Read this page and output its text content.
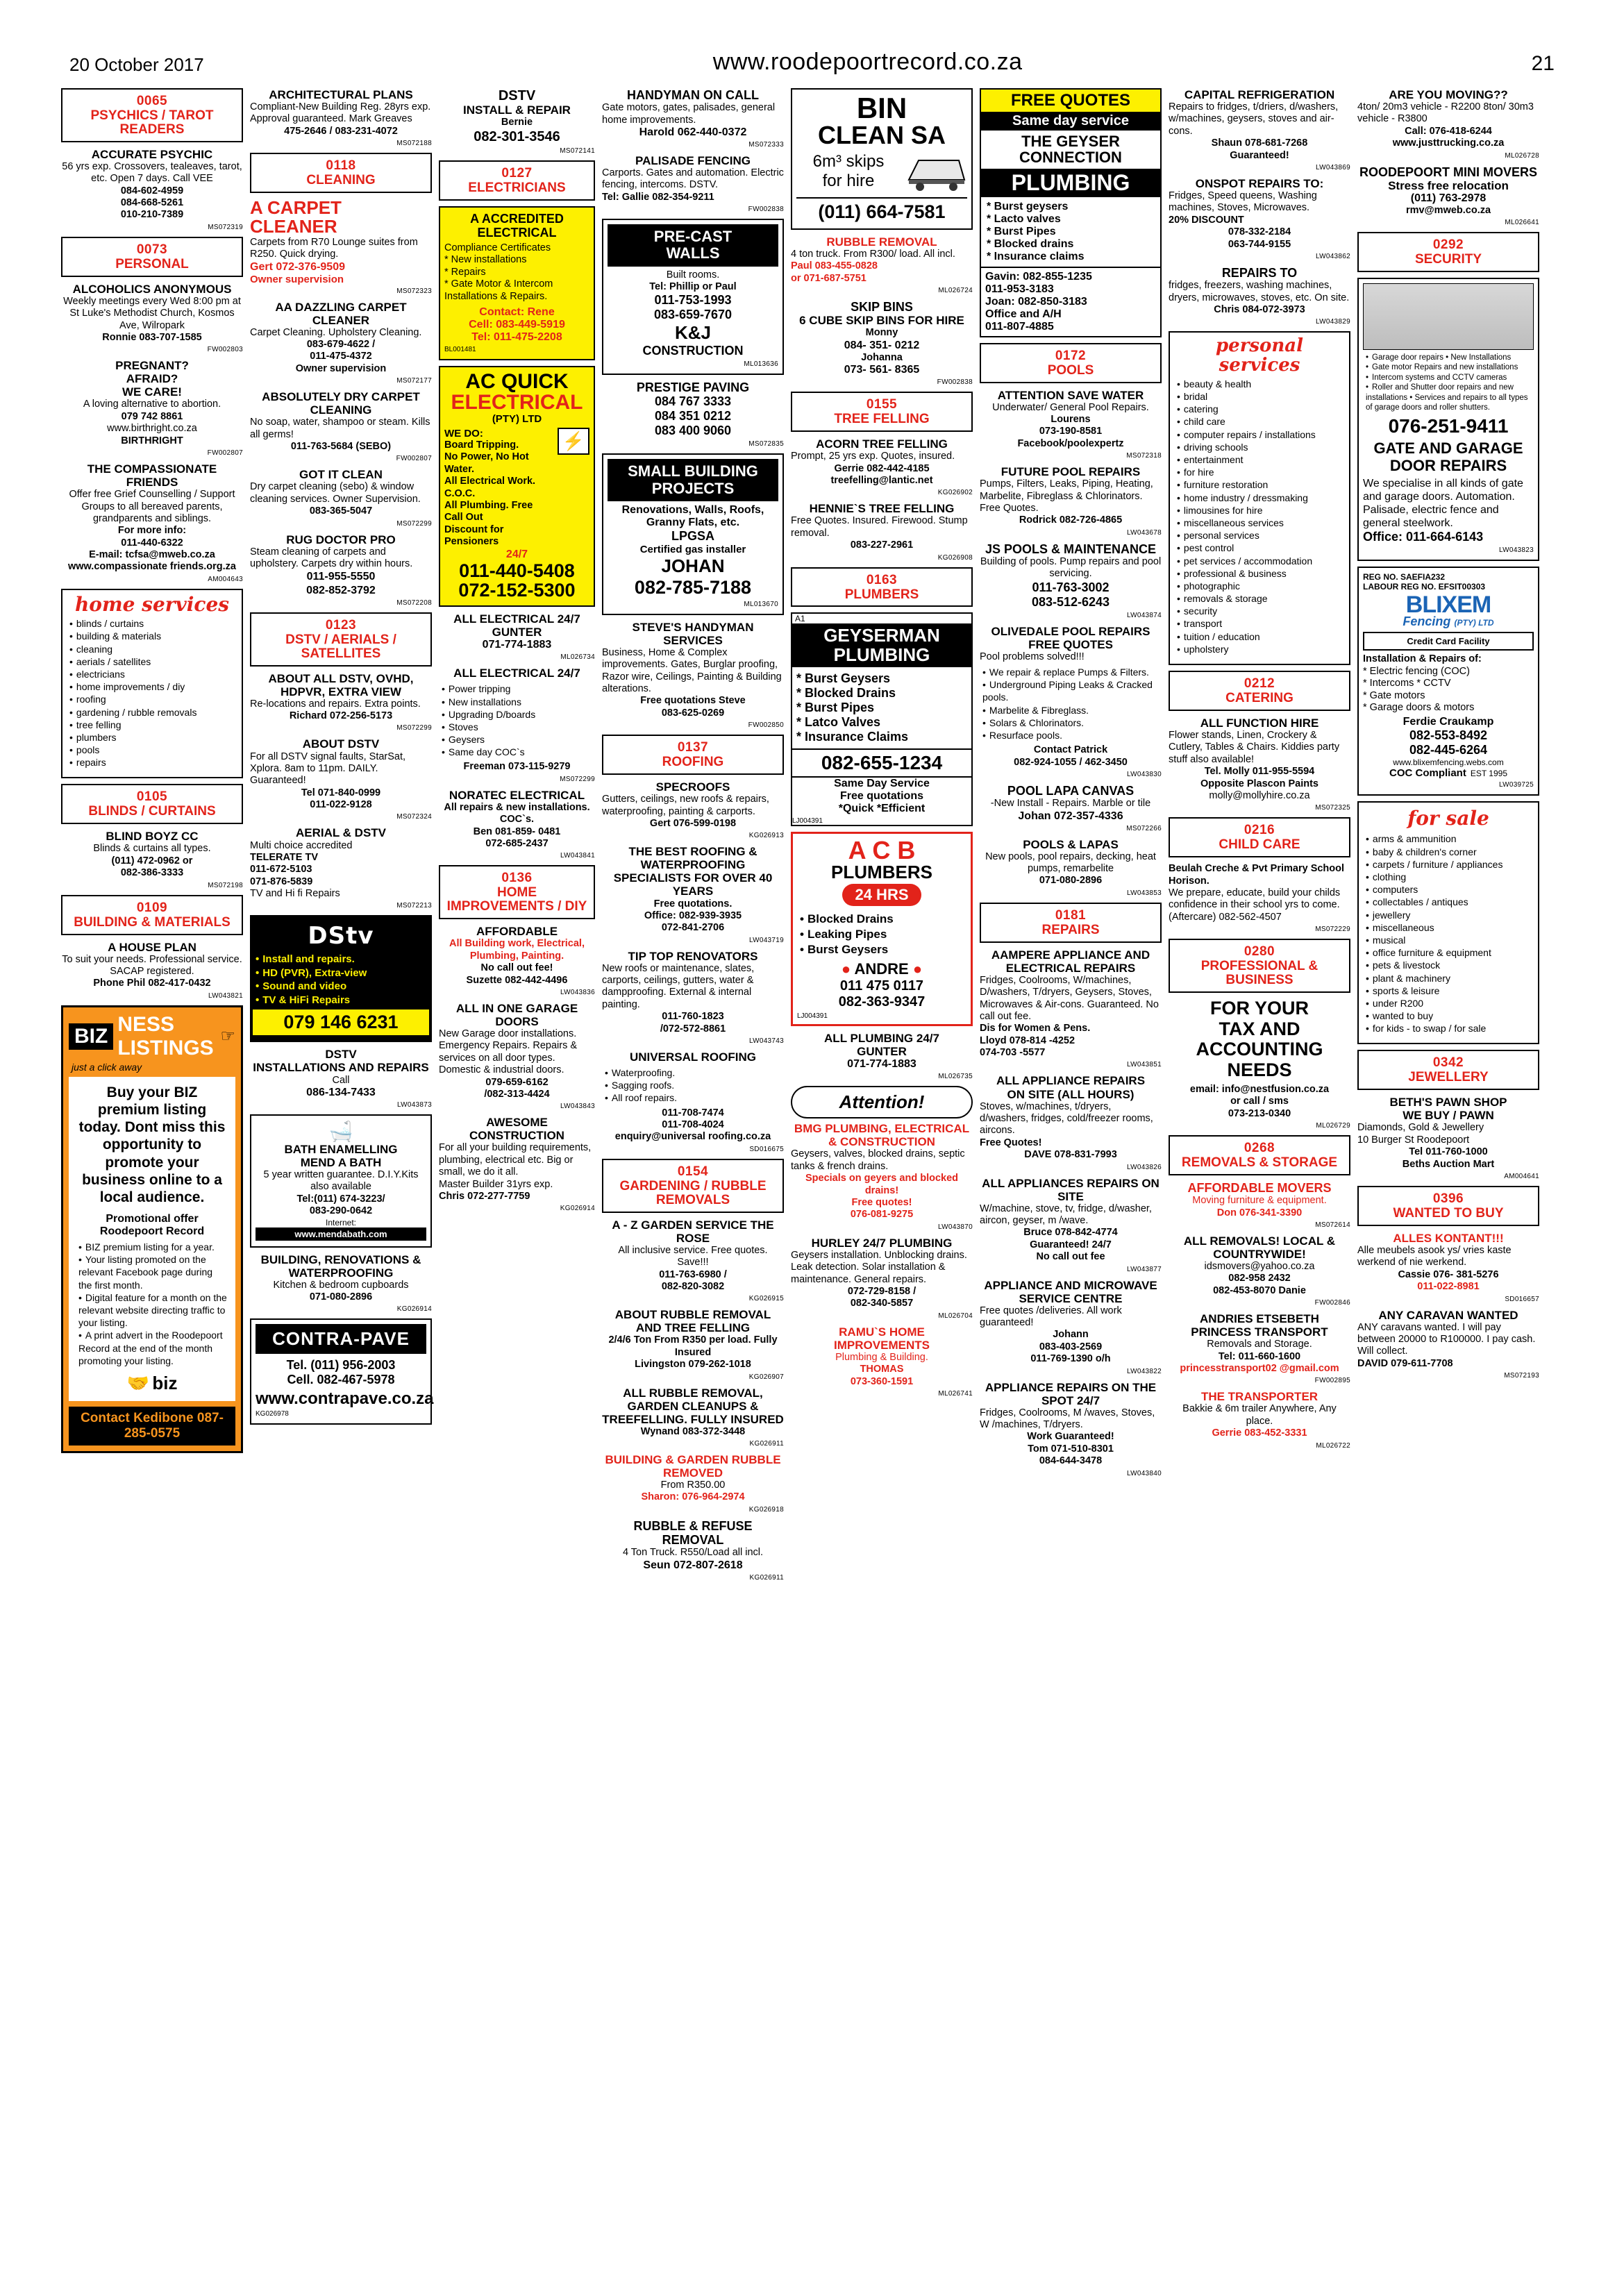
20 October 2017	www.roodepoortrecord.co.za	21
0065
PSYCHICS / TAROT READERS
ACCURATE PSYCHIC
56 yrs exp. Crossovers, tealeaves, tarot, etc. Open 7 days. Call VEE
084-602-4959
084-668-5261
010-210-7389
MS072319
0073
PERSONAL
ALCOHOLICS ANONYMOUS
Weekly meetings every Wed 8:00 pm at St Luke's Methodist Church, Kosmos Ave, Wilropark
Ronnie 083-707-1585
FW002803
PREGNANT?
AFRAID?
WE CARE!
A loving alternative to abortion.
079 742 8861
www.birthright.co.za
BIRTHRIGHT
FW002807
THE COMPASSIONATE FRIENDS
Offer free Grief Counselling / Support Groups to all bereaved parents, grandparents and siblings.
For more info:
011-440-6322
E-mail: tcfsa@mweb.co.za
www.compassionate friends.org.za
AM004643
home services
• blinds / curtains
• building & materials
• cleaning
• aerials / satellites
• electricians
• home improvements / diy
• roofing
• gardening / rubble removals
• tree felling
• plumbers
• pools
• repairs
0105
BLINDS / CURTAINS
BLIND BOYZ CC
Blinds & curtains all types.
(011) 472-0962 or
082-386-3333
MS072198
0109
BUILDING & MATERIALS
A HOUSE PLAN
To suit your needs. Professional service. SACAP registered.
Phone Phil 082-417-0432
LW043821
BIZ
NESS LISTINGS ☞
just a click away
Buy your BIZ premium listing today. Dont miss this opportunity to promote your business online to a local audience.
Promotional offer
Roodepoort Record
• BIZ premium listing for a year.
• Your listing promoted on the relevant Facebook page during the first month.
• Digital feature for a month on the relevant website directing traffic to your listing.
• A print advert in the Roodepoort Record at the end of the month promoting your listing.
🤝 biz
Contact Kedibone 087-285-0575
ARCHITECTURAL PLANS
Compliant-New Building Reg. 28yrs exp. Approval guaranteed. Mark Greaves
475-2646 / 083-231-4072
MS072188
0118
CLEANING
A CARPET CLEANER
Carpets from R70 Lounge suites from R250. Quick drying.
Gert 072-376-9509
Owner supervision
MS072323
AA DAZZLING CARPET CLEANER
Carpet Cleaning. Upholstery Cleaning.
083-679-4622 /
011-475-4372
Owner supervision
MS072177
ABSOLUTELY DRY CARPET CLEANING
No soap, water, shampoo or steam. Kills all germs!
011-763-5684 (SEBO)
FW002807
GOT IT CLEAN
Dry carpet cleaning (sebo) & window cleaning services. Owner Supervision.
083-365-5047
MS072299
RUG DOCTOR PRO
Steam cleaning of carpets and upholstery. Carpets dry within hours.
011-955-5550
082-852-3792
MS072208
0123
DSTV / AERIALS / SATELLITES
ABOUT ALL DSTV, OVHD, HDPVR, EXTRA VIEW
Re-locations and repairs. Extra points.
Richard 072-256-5173
MS072299
ABOUT DSTV
For all DSTV signal faults, StarSat, Xplora. 8am to 11pm. DAILY. Guaranteed!
Tel 071-840-0999
011-022-9128
MS072324
AERIAL & DSTV
Multi choice accredited
TELERATE TV
011-672-5103
071-876-5839
TV and Hi fi Repairs
MS072213
DStv
• Install and repairs.
• HD (PVR), Extra-view
• Sound and video
• TV & HiFi Repairs
079 146 6231
DSTV
INSTALLATIONS AND REPAIRS
Call
086-134-7433
LW043873
🛁
BATH ENAMELLING
MEND A BATH
5 year written guarantee. D.I.Y.Kits also available
Tel:(011) 674-3223/
083-290-0642
Internet:
www.mendabath.com
BUILDING, RENOVATIONS & WATERPROOFING
Kitchen & bedroom cupboards
071-080-2896
KG026914
CONTRA-PAVE
Tel. (011) 956-2003
Cell. 082-467-5978
www.contrapave.co.za
KG026978
DSTV
INSTALL & REPAIR
Bernie
082-301-3546
MS072141
0127
ELECTRICIANS
A ACCREDITED ELECTRICAL
Compliance Certificates
* New installations
* Repairs
* Gate Motor & Intercom Installations & Repairs.
Contact: Rene
Cell: 083-449-5919
Tel: 011-475-2208
BL001481
AC QUICK
ELECTRICAL
(PTY) LTD
WE DO:
Board Tripping.
No Power, No Hot Water.
All Electrical Work. C.O.C.
All Plumbing. Free Call Out
Discount for Pensioners
⚡
24/7
011-440-5408
072-152-5300
ALL ELECTRICAL 24/7
GUNTER
071-774-1883
ML026734
ALL ELECTRICAL 24/7
• Power tripping
• New installations
• Upgrading D/boards
• Stoves
• Geysers
• Same day COC`s
Freeman 073-115-9279
MS072299
NORATEC ELECTRICAL
All repairs & new installations. COC`s.
Ben 081-859- 0481
072-685-2437
LW043841
0136
HOME IMPROVEMENTS / DIY
AFFORDABLE
All Building work, Electrical, Plumbing, Painting.
No call out fee!
Suzette 082-442-4496
LW043836
ALL IN ONE GARAGE DOORS
New Garage door installations. Emergency Repairs. Repairs & services on all door types. Domestic & industrial doors.
079-659-6162
/082-313-4424
LW043843
AWESOME CONSTRUCTION
For all your building requirements, plumbing, electrical etc. Big or small, we do it all.
Master Builder 31yrs exp.
Chris 072-277-7759
KG026914
HANDYMAN ON CALL
Gate motors, gates, palisades, general home improvements.
Harold 062-440-0372
MS072333
PALISADE FENCING
Carports. Gates and automation. Electric fencing, intercoms. DSTV.
Tel: Gallie 082-354-9211
FW002838
PRE-CAST
WALLS
Built rooms.
Tel: Phillip or Paul
011-753-1993
083-659-7670
K&J
CONSTRUCTION
ML013636
PRESTIGE PAVING
084 767 3333
084 351 0212
083 400 9060
MS072835
SMALL BUILDING PROJECTS
Renovations, Walls, Roofs, Granny Flats, etc.
LPGSA
Certified gas installer
JOHAN
082-785-7188
ML013670
STEVE'S HANDYMAN SERVICES
Business, Home & Complex improvements. Gates, Burglar proofing, Razor wire, Ceilings, Painting & Building alterations.
Free quotations Steve
083-625-0269
FW002850
0137
ROOFING
SPECROOFS
Gutters, ceilings, new roofs & repairs, waterproofing, painting & carports.
Gert 076-599-0198
KG026913
THE BEST ROOFING & WATERPROOFING SPECIALISTS FOR OVER 40 YEARS
Free quotations.
Office: 082-939-3935
072-841-2706
LW043719
TIP TOP RENOVATORS
New roofs or maintenance, slates, carports, ceilings, gutters, water & dampproofing. External & internal painting.
011-760-1823
/072-572-8861
LW043743
UNIVERSAL ROOFING
• Waterproofing.
• Sagging roofs.
• All roof repairs.
011-708-7474
011-708-4024
enquiry@universal roofing.co.za
SD016675
0154
GARDENING / RUBBLE REMOVALS
A - Z GARDEN SERVICE THE ROSE
All inclusive service. Free quotes. Save!!!
011-763-6980 /
082-820-3082
KG026915
ABOUT RUBBLE REMOVAL AND TREE FELLING
2/4/6 Ton From R350 per load. Fully Insured
Livingston 079-262-1018
KG026907
ALL RUBBLE REMOVAL, GARDEN CLEANUPS & TREEFELLING. FULLY INSURED
Wynand 083-372-3448
KG026911
BUILDING & GARDEN RUBBLE REMOVED
From R350.00
Sharon: 076-964-2974
KG026918
RUBBLE & REFUSE REMOVAL
4 Ton Truck. R550/Load all incl.
Seun 072-807-2618
KG026911
BIN
CLEAN SA
6m³ skips
for hire
(011) 664-7581
RUBBLE REMOVAL
4 ton truck. From R300/ load. All incl.
Paul 083-455-0828
or 071-687-5751
ML026724
SKIP BINS
6 CUBE SKIP BINS FOR HIRE
Monny
084- 351- 0212
Johanna
073- 561- 8365
FW002838
0155
TREE FELLING
ACORN TREE FELLING
Prompt, 25 yrs exp. Quotes, insured.
Gerrie 082-442-4185
treefelling@lantic.net
KG026902
HENNIE`S TREE FELLING
Free Quotes. Insured. Firewood. Stump removal.
083-227-2961
KG026908
0163
PLUMBERS
A1
GEYSERMAN
PLUMBING
* Burst Geysers
* Blocked Drains
* Burst Pipes
* Latco Valves
* Insurance Claims
082-655-1234
Same Day Service
Free quotations
*Quick *Efficient
LJ004391
A C B
PLUMBERS
24 HRS
• Blocked Drains
• Leaking Pipes
• Burst Geysers
● ANDRE ●
011 475 0117
082-363-9347
LJ004391
ALL PLUMBING 24/7
GUNTER
071-774-1883
ML026735
Attention!
BMG PLUMBING, ELECTRICAL & CONSTRUCTION
Geysers, valves, blocked drains, septic tanks & french drains.
Specials on geyers and blocked drains!
Free quotes!
076-081-9275
LW043870
HURLEY 24/7 PLUMBING
Geysers installation. Unblocking drains. Leak detection. Solar installation & maintenance. General repairs.
072-729-8158 /
082-340-5857
ML026704
RAMU`S HOME IMPROVEMENTS
Plumbing & Building.
THOMAS
073-360-1591
ML026741
FREE QUOTES
Same day service
THE GEYSER CONNECTION
PLUMBING
* Burst geysers
* Lacto valves
* Burst Pipes
* Blocked drains
* Insurance claims
Gavin: 082-855-1235
011-953-3183
Joan: 082-850-3183
Office and A/H
011-807-4885
0172
POOLS
ATTENTION SAVE WATER
Underwater/ General Pool Repairs.
Lourens
073-190-8581
Facebook/poolexpertz
MS072318
FUTURE POOL REPAIRS
Pumps, Filters, Leaks, Piping, Heating, Marbelite, Fibreglass & Chlorinators. Free Quotes.
Rodrick 082-726-4865
LW043678
JS POOLS & MAINTENANCE
Building of pools. Pump repairs and pool servicing.
011-763-3002
083-512-6243
LW043874
OLIVEDALE POOL REPAIRS
FREE QUOTES
Pool problems solved!!!
• We repair & replace Pumps & Filters.
• Underground Piping Leaks & Cracked pools.
• Marbelite & Fibreglass.
• Solars & Chlorinators.
• Resurface pools.
Contact Patrick
082-924-1055 / 462-3450
LW043830
POOL LAPA CANVAS
-New Install - Repairs. Marble or tile
Johan 072-357-4336
MS072266
POOLS & LAPAS
New pools, pool repairs, decking, heat pumps, remarbelite
071-080-2896
LW043853
0181
REPAIRS
AAMPERE APPLIANCE AND ELECTRICAL REPAIRS
Fridges, Coolrooms, W/machines, D/washers, T/dryers, Geysers, Stoves, Microwaves & Air-cons. Guaranteed. No call out fee.
Dis for Women & Pens.
Lloyd 078-814 -4252
074-703 -5577
LW043851
ALL APPLIANCE REPAIRS
ON SITE (ALL HOURS)
Stoves, w/machines, t/dryers, d/washers, fridges, cold/freezer rooms, aircons.
Free Quotes!
DAVE 078-831-7993
LW043826
ALL APPLIANCES REPAIRS ON SITE
W/machine, stove, tv, fridge, d/washer, aircon, geyser, m /wave.
Bruce 078-842-4774
Guaranteed! 24/7
No call out fee
LW043877
APPLIANCE AND MICROWAVE SERVICE CENTRE
Free quotes /deliveries. All work guaranteed!
Johann
083-403-2569
011-769-1390 o/h
LW043822
APPLIANCE REPAIRS ON THE SPOT 24/7
Fridges, Coolrooms, M /waves, Stoves, W /machines, T/dryers.
Work Guaranteed!
Tom 071-510-8301
084-644-3478
LW043840
CAPITAL REFRIGERATION
Repairs to fridges, t/driers, d/washers, w/machines, geysers, stoves and air-cons.
Shaun 078-681-7268
Guaranteed!
LW043869
ONSPOT REPAIRS TO:
Fridges, Speed queens, Washing machines, Stoves, Microwaves.
20% DISCOUNT
078-332-2184
063-744-9155
LW043862
REPAIRS TO
fridges, freezers, washing machines, dryers, microwaves, stoves, etc. On site.
Chris 084-072-3973
LW043829
personal services
• beauty & health
• bridal
• catering
• child care
• computer repairs / installations
• driving schools
• entertainment
• for hire
• furniture restoration
• home industry / dressmaking
• limousines for hire
• miscellaneous services
• personal services
• pest control
• pet services / accommodation
• professional & business
• photographic
• removals & storage
• security
• transport
• tuition / education
• upholstery
0212
CATERING
ALL FUNCTION HIRE
Flower stands, Linen, Crockery & Cutlery, Tables & Chairs. Kiddies party stuff also available!
Tel. Molly 011-955-5594
Opposite Plascon Paints
molly@mollyhire.co.za
MS072325
0216
CHILD CARE
Beulah Creche & Pvt Primary School Horison.
We prepare, educate, build your childs confidence in their school yrs to come. (Aftercare) 082-562-4507
MS072229
0280
PROFESSIONAL & BUSINESS
FOR YOUR
TAX AND
ACCOUNTING
NEEDS
email: info@nestfusion.co.za
or call / sms
073-213-0340
ML026729
0268
REMOVALS & STORAGE
AFFORDABLE MOVERS
Moving furniture & equipment.
Don 076-341-3390
MS072614
ALL REMOVALS! LOCAL & COUNTRYWIDE!
idsmovers@yahoo.co.za
082-958 2432
082-453-8070 Danie
FW002846
ANDRIES ETSEBETH PRINCESS TRANSPORT
Removals and Storage.
Tel: 011-660-1600
princesstransport02 @gmail.com
FW002895
THE TRANSPORTER
Bakkie & 6m trailer Anywhere, Any place.
Gerrie 083-452-3331
ML026722
ARE YOU MOVING??
4ton/ 20m3 vehicle - R2200 8ton/ 30m3 vehicle - R3800
Call: 076-418-6244
www.justtrucking.co.za
ML026728
ROODEPOORT MINI MOVERS
Stress free relocation
(011) 763-2978
rmv@mweb.co.za
ML026641
0292
SECURITY
• Garage door repairs • New Installations
• Gate motor Repairs and new installations
• Intercom systems and CCTV cameras
• Roller and Shutter door repairs and new installations • Services and repairs to all types of garage doors and roller shutters.
076-251-9411
GATE AND GARAGE DOOR REPAIRS
We specialise in all kinds of gate and garage doors. Automation. Palisade, electric fence and general steelwork.
Office: 011-664-6143
LW043823
REG NO. SAEFIA232
LABOUR REG NO. EFSIT00303
BLIXEM
Fencing (PTY) LTD
Credit Card Facility
Installation & Repairs of:
* Electric fencing (COC)
* Intercoms * CCTV
* Gate motors
* Garage doors & motors
Ferdie Craukamp
082-553-8492
082-445-6264
www.blixemfencing.webs.com
COC Compliant EST 1995
LW039725
for sale
• arms & ammunition
• baby & children's corner
• carpets / furniture / appliances
• clothing
• computers
• collectables / antiques
• jewellery
• miscellaneous
• musical
• office furniture & equipment
• pets & livestock
• plant & machinery
• sports & leisure
• under R200
• wanted to buy
• for kids - to swap / for sale
0342
JEWELLERY
BETH'S PAWN SHOP
WE BUY / PAWN
Diamonds, Gold & Jewellery
10 Burger St Roodepoort
Tel 011-760-1000
Beths Auction Mart
AM004641
0396
WANTED TO BUY
ALLES KONTANT!!!
Alle meubels asook ys/ vries kaste werkend of nie werkend.
Cassie 076- 381-5276
011-022-8981
SD016657
ANY CARAVAN WANTED
ANY caravans wanted. I will pay between 20000 to R100000. I pay cash. Will collect.
DAVID 079-611-7708
MS072193
